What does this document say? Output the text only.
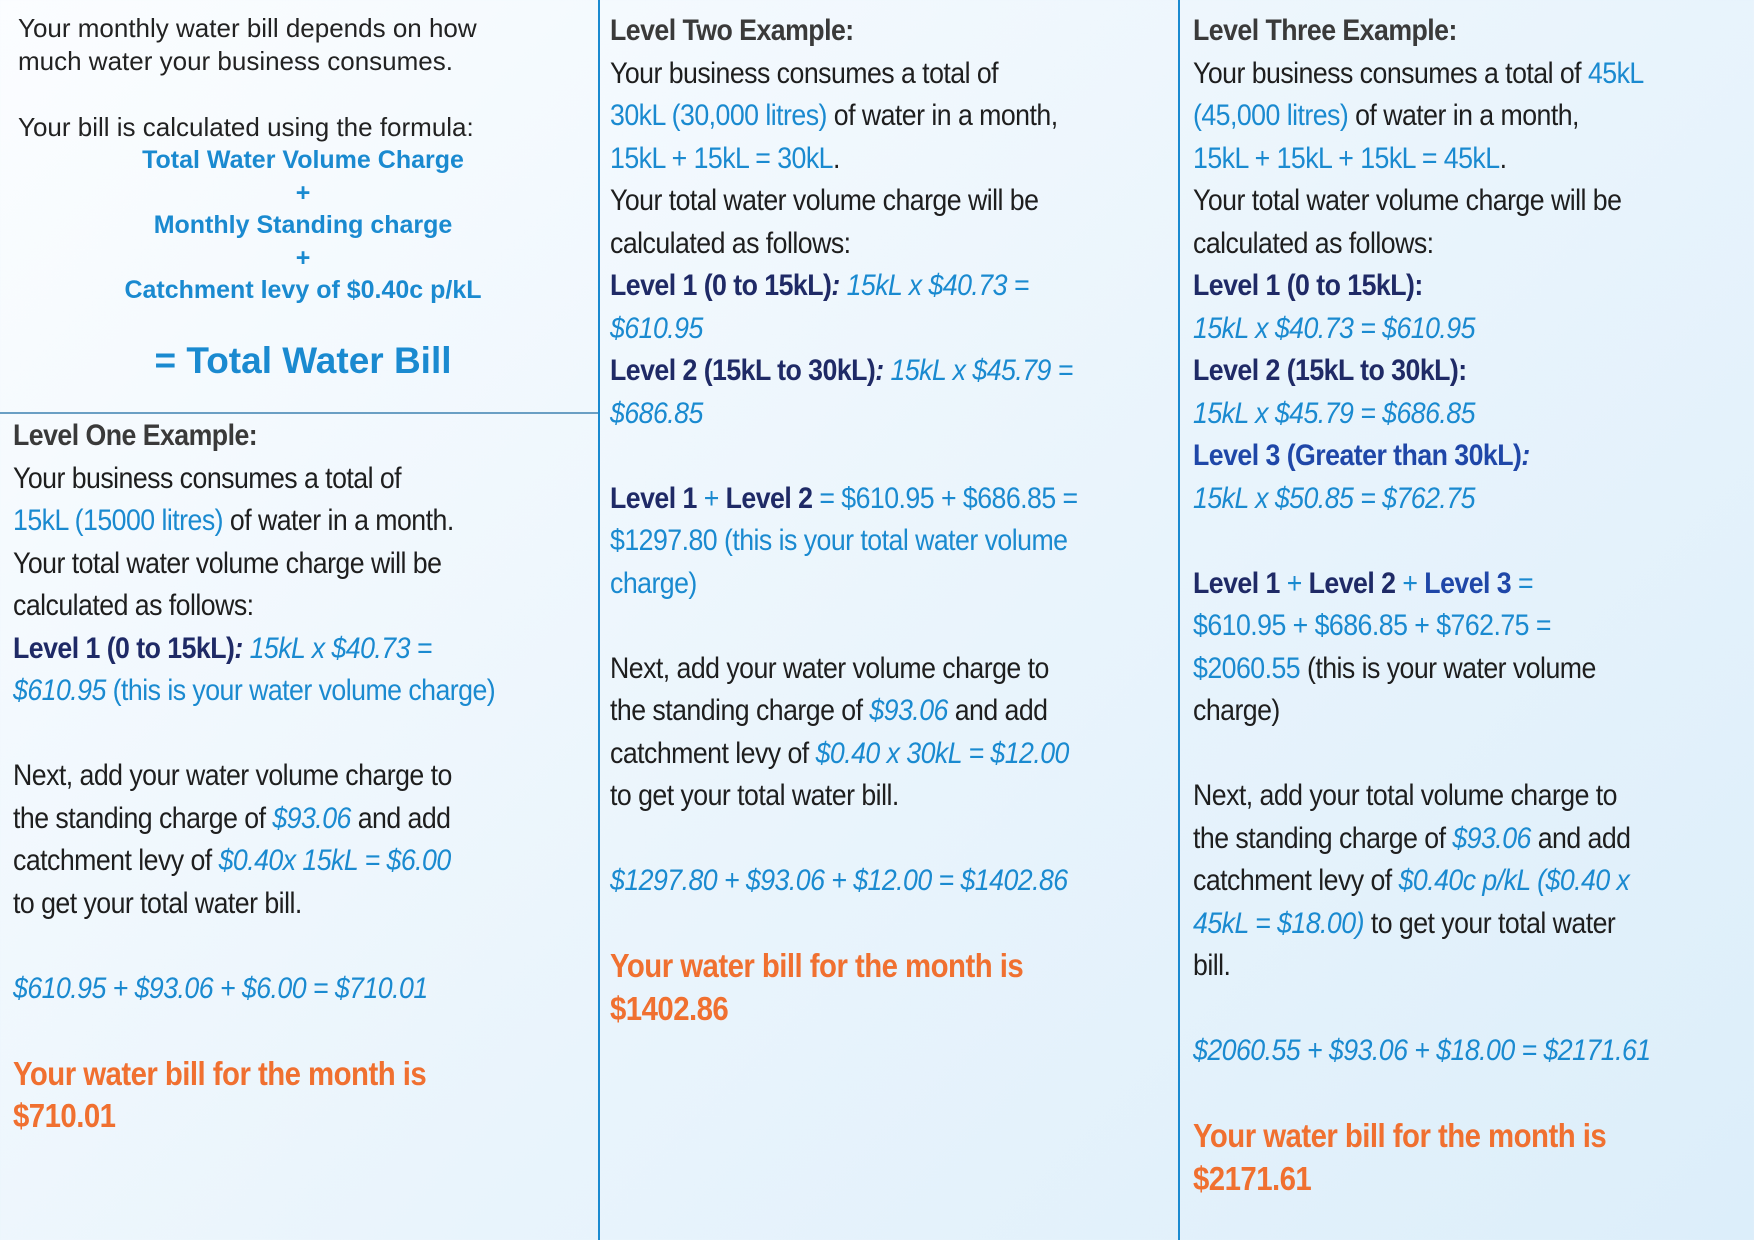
Your monthly water bill depends on how

much water your business consumes.

Your bill is calculated using the formula:

Total Water Volume Charge
+
Monthly Standing charge
+
Catchment levy of $0.40c p/kL
= Total Water Bill

Level One Example:

Your business consumes a total of

15kL (15000 litres) of water in a month.

Your total water volume charge will be

calculated as follows:

Level 1 (0 to 15kL): 15kL x $40.73 =

$610.95 (this is your water volume charge)

Next, add your water volume charge to

the standing charge of $93.06 and add

catchment levy of $0.40x 15kL = $6.00

to get your total water bill.

$610.95 + $93.06 + $6.00 = $710.01

Your water bill for the month is

$710.01

Level Two Example:

Your business consumes a total of

30kL (30,000 litres) of water in a month,

15kL + 15kL = 30kL.

Your total water volume charge will be

calculated as follows:

Level 1 (0 to 15kL): 15kL x $40.73 =

$610.95

Level 2 (15kL to 30kL): 15kL x $45.79 =

$686.85

Level 1 + Level 2 = $610.95 + $686.85 =

$1297.80 (this is your total water volume

charge)

Next, add your water volume charge to

the standing charge of $93.06 and add

catchment levy of $0.40 x 30kL = $12.00

to get your total water bill.

$1297.80 + $93.06 + $12.00 = $1402.86

Your water bill for the month is

$1402.86

Level Three Example:

Your business consumes a total of 45kL

(45,000 litres) of water in a month,

15kL + 15kL + 15kL = 45kL.

Your total water volume charge will be

calculated as follows:

Level 1 (0 to 15kL):

15kL x $40.73 = $610.95

Level 2 (15kL to 30kL):

15kL x $45.79 = $686.85

Level 3 (Greater than 30kL):

15kL x $50.85 = $762.75

Level 1 + Level 2 + Level 3 =

$610.95 + $686.85 + $762.75 =

$2060.55 (this is your water volume

charge)

Next, add your total volume charge to

the standing charge of $93.06 and add

catchment levy of $0.40c p/kL ($0.40 x

45kL = $18.00) to get your total water

bill.

$2060.55 + $93.06 + $18.00 = $2171.61

Your water bill for the month is

$2171.61
